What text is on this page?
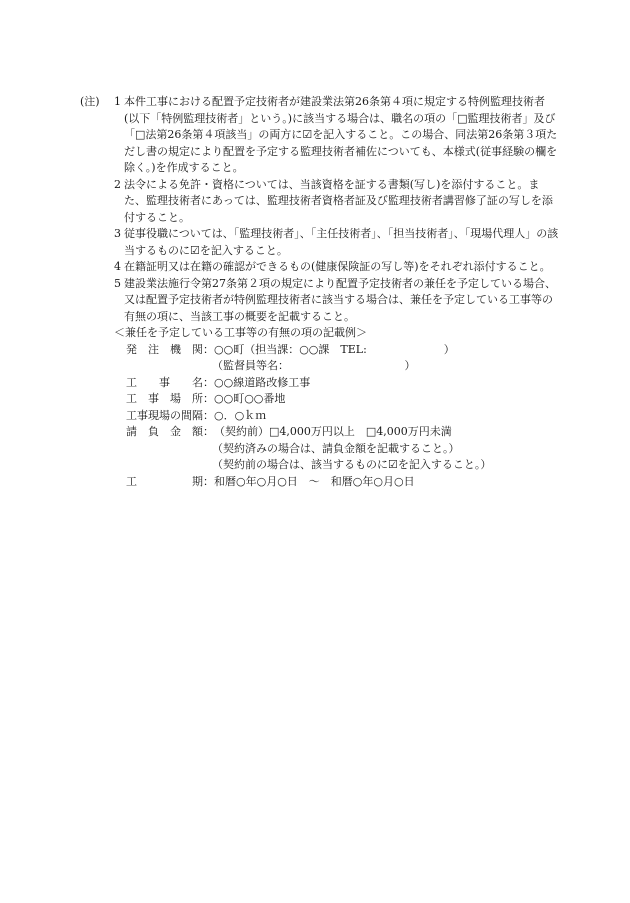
(注) 1 本件工事における配置予定技術者が建設業法第26条第４項に規定する特例監理技術者(以下「特例監理技術者」という。)に該当する場合は、職名の項の「□監理技術者」及び「□法第26条第４項該当」の両方に☑を記入すること。この場合、同法第26条第３項ただし書の規定により配置を予定する監理技術者補佐についても、本様式(従事経験の欄を除く。)を作成すること。
2 法令による免許・資格については、当該資格を証する書類(写し)を添付すること。また、監理技術者にあっては、監理技術者資格者証及び監理技術者講習修了証の写しを添付すること。
3 従事役職については、「監理技術者」、「主任技術者」、「担当技術者」、「現場代理人」の該当するものに☑を記入すること。
4 在籍証明又は在籍の確認ができるもの(健康保険証の写し等)をそれぞれ添付すること。
5 建設業法施行令第27条第２項の規定により配置予定技術者の兼任を予定している場合、又は配置予定技術者が特例監理技術者に該当する場合は、兼任を予定している工事等の有無の項に、当該工事の概要を記載すること。
＜兼任を予定している工事等の有無の項の記載例＞
発　注　機　関： ○○町（担当課：○○課　TEL:　　　　　　　）
（監督員等名：　　　　　　　　　　　）
工　　事　　名： ○○線道路改修工事
工　事　場　所： ○○町○○番地
工事現場の間隔： ○．○ｋｍ
請　負　金　額： （契約前）□4,000万円以上　□4,000万円未満
（契約済みの場合は、請負金額を記載すること。）
（契約前の場合は、該当するものに☑を記入すること。）
工　　　　　期： 和暦○年○月○日　～　和暦○年○月○日
